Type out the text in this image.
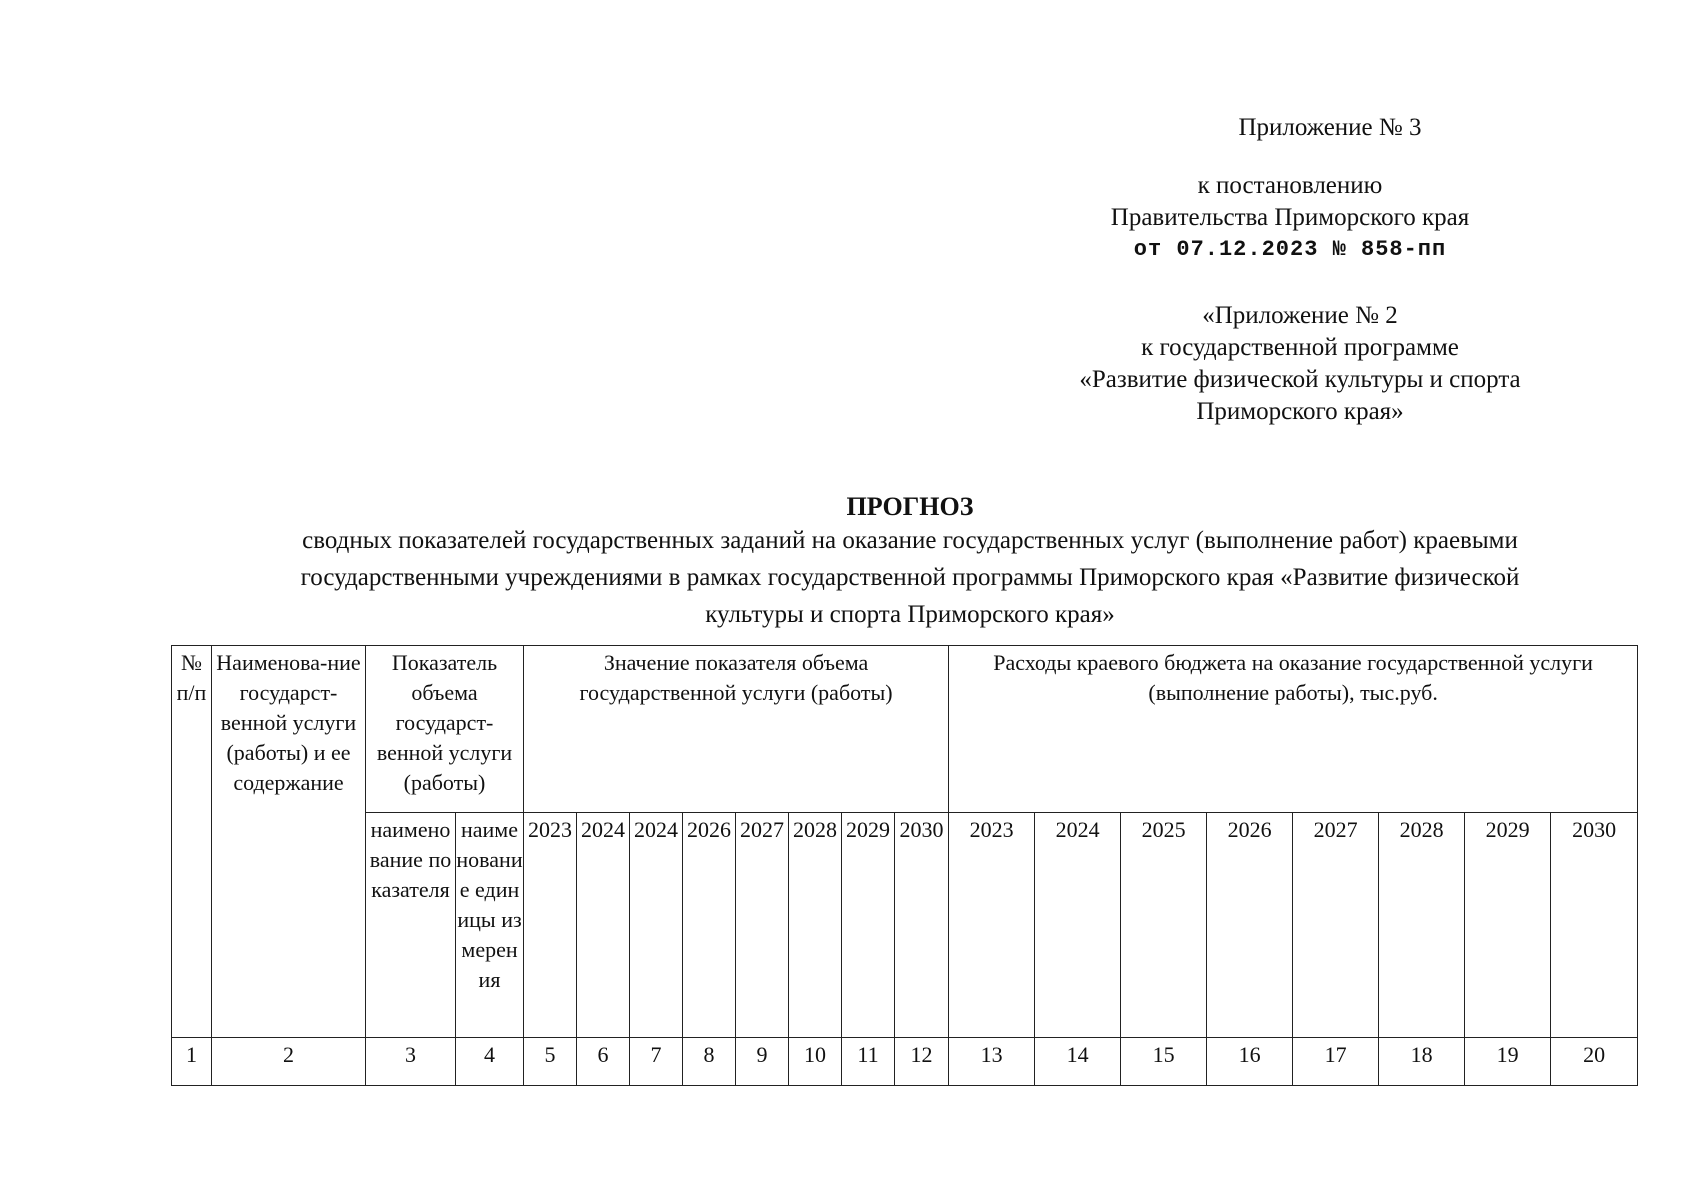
Приложение № 3
к постановлению
Правительства Приморского края
от 07.12.2023 № 858-пп
«Приложение № 2
к государственной программе
«Развитие физической культуры и спорта
Приморского края»
ПРОГНОЗ
сводных показателей государственных заданий на оказание государственных услуг (выполнение работ) краевыми
государственными учреждениями в рамках государственной программы Приморского края «Развитие физической
культуры и спорта Приморского края»
№ п/п	Наименова-ние государст-венной услуги (работы) и ее содержание	Показатель объема государст-венной услуги (работы)		Значение показателя объема государственной услуги (работы)								Расходы краевого бюджета на оказание государственной услуги (выполнение работы), тыс.руб.							
		наименование показателя	наименование единицы измерения	2023	2024	2024	2026	2027	2028	2029	2030	2023	2024	2025	2026	2027	2028	2029	2030
1	2	3	4	5	6	7	8	9	10	11	12	13	14	15	16	17	18	19	20
